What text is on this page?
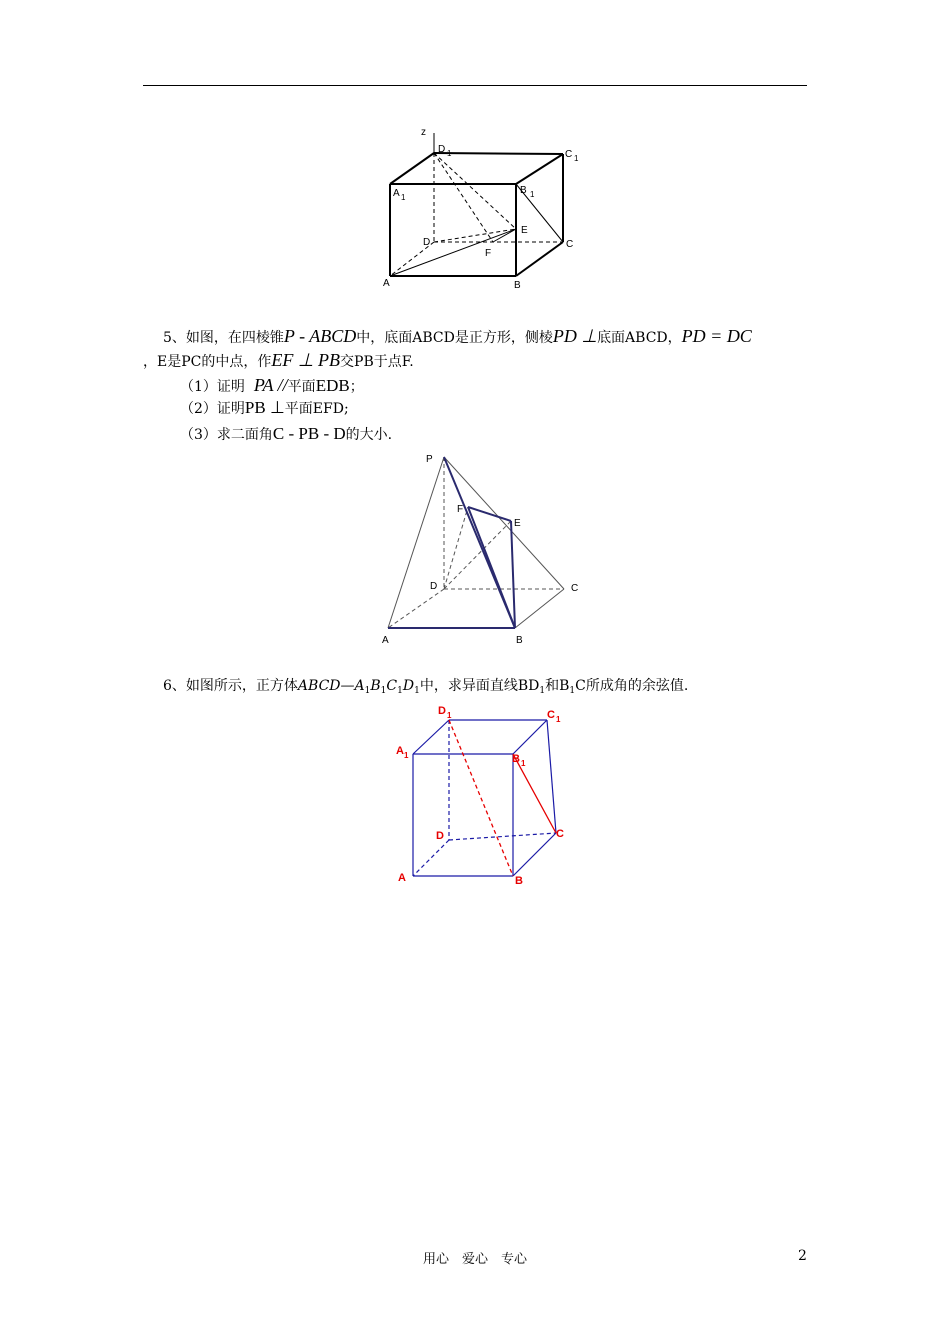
z
D 1	C 1
A 1
B 1
D
E
F
C
A	B
5、如图，在四棱锥P - ABCD中，底面ABCD是正方形，侧棱PD ⊥底面ABCD，PD = DC
，E是PC的中点，作EF ⊥ PB交PB于点F.
（1）证明 PA //平面EDB；
（2）证明PB ⊥平面EFD;
（3）求二面角C - PB - D的大小.
P
F
E
D	C
A	B
6、如图所示，正方体$ABCD—A_1B_1C_1D_1$中，求异面直线$BD_1$和$B_1C$所成角的余弦值.
D 1	C 1
A 1	B 1
D	C
A	B
用心　爱心　专心	2
